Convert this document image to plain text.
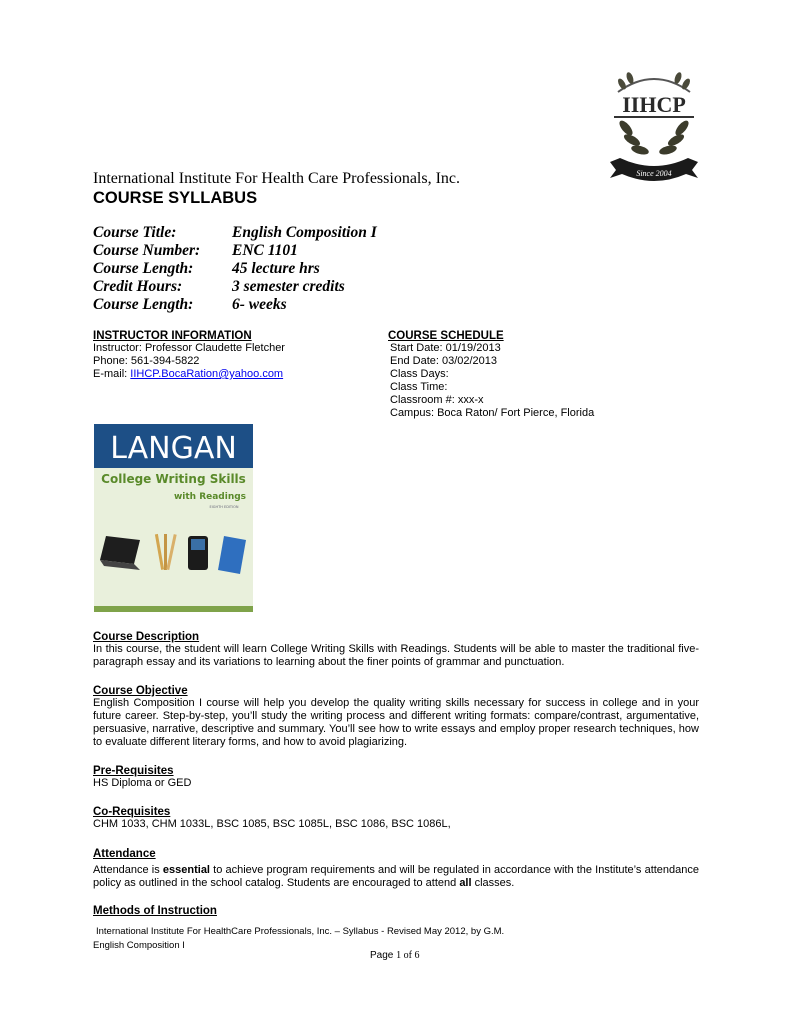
IIHCP
Since 2004
International Institute For Health Care Professionals, Inc.
COURSE SYLLABUS
Course Title:	English Composition I
Course Number: ENC 1101
Course Length: 45 lecture hrs
Credit Hours:	3 semester credits
Course Length: 6- weeks
INSTRUCTOR INFORMATION
Instructor: Professor Claudette Fletcher
Phone: 561-394-5822
E-mail: IIHCP.BocaRation@yahoo.com
COURSE SCHEDULE
Start Date: 01/19/2013
End Date: 03/02/2013
Class Days:
Class Time:
Classroom #: xxx-x
Campus: Boca Raton/ Fort Pierce, Florida
LANGAN
College Writing Skills
with Readings
EIGHTH EDITION
Course Description

In this course, the student will learn College Writing Skills with Readings. Students will be able to master the traditional five-paragraph essay and its variations to learning about the finer points of grammar and punctuation.

Course Objective

English Composition I course will help you develop the quality writing skills necessary for success in college and in your future career. Step-by-step, you’ll study the writing process and different writing formats: compare/contrast, argumentative, persuasive, narrative, descriptive and summary. You’ll see how to write essays and employ proper research techniques, how to evaluate different literary forms, and how to avoid plagiarizing.

Pre-Requisites

HS Diploma or GED

Co-Requisites

CHM 1033, CHM 1033L, BSC 1085, BSC 1085L, BSC 1086, BSC 1086L,

Attendance

Attendance is essential to achieve program requirements and will be regulated in accordance with the Institute’s attendance policy as outlined in the school catalog. Students are encouraged to attend all classes.

Methods of Instruction
International Institute For HealthCare Professionals, Inc. – Syllabus - Revised May 2012, by G.M.
English Composition I
Page 1 of 6
